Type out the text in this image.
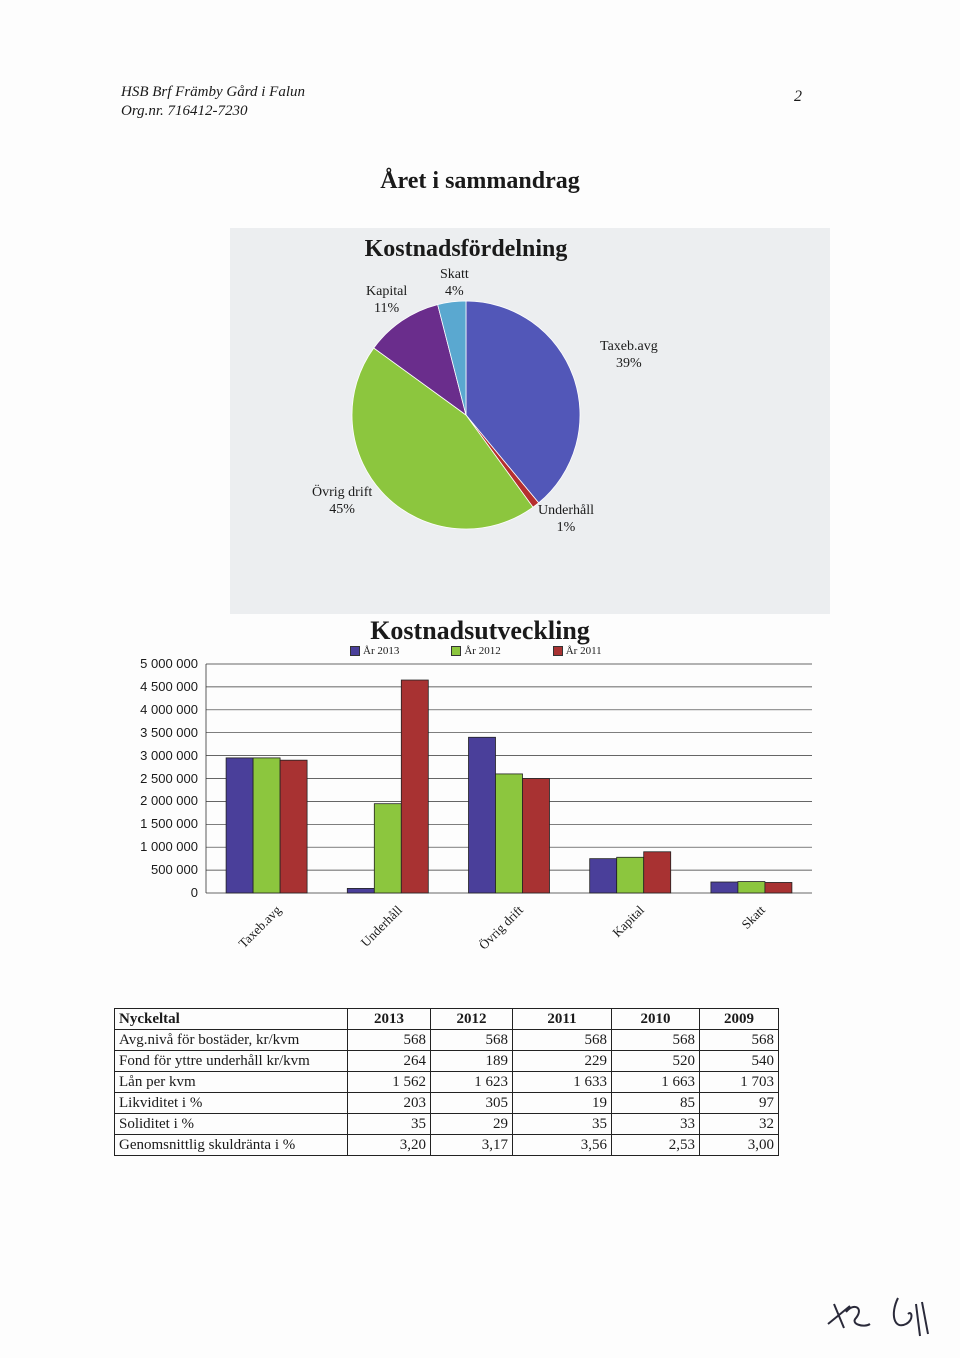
HSB Brf Främby Gård i Falun
Org.nr. 716412-7230
2
Året i sammandrag
Kostnadsfördelning
Taxeb.avg
39%
Underhåll
1%
Övrig drift
45%
Kapital
11%
Skatt
4%
Kostnadsutveckling
År 2013	År 2012	År 2011
5 000 000
4 500 000
4 000 000
3 500 000
3 000 000
2 500 000
2 000 000
1 500 000
1 000 000
500 000
0
Taxeb.avg	Underhåll	Övrig drift	Kapital	Skatt
Nyckeltal	2013	2012	2011	2010	2009
Avg.nivå för bostäder, kr/kvm	568	568	568	568	568
Fond för yttre underhåll kr/kvm	264	189	229	520	540
Lån per kvm	1 562	1 623	1 633	1 663	1 703
Likviditet i %	203	305	19	85	97
Soliditet i %	35	29	35	33	32
Genomsnittlig skuldränta i %	3,20	3,17	3,56	2,53	3,00
